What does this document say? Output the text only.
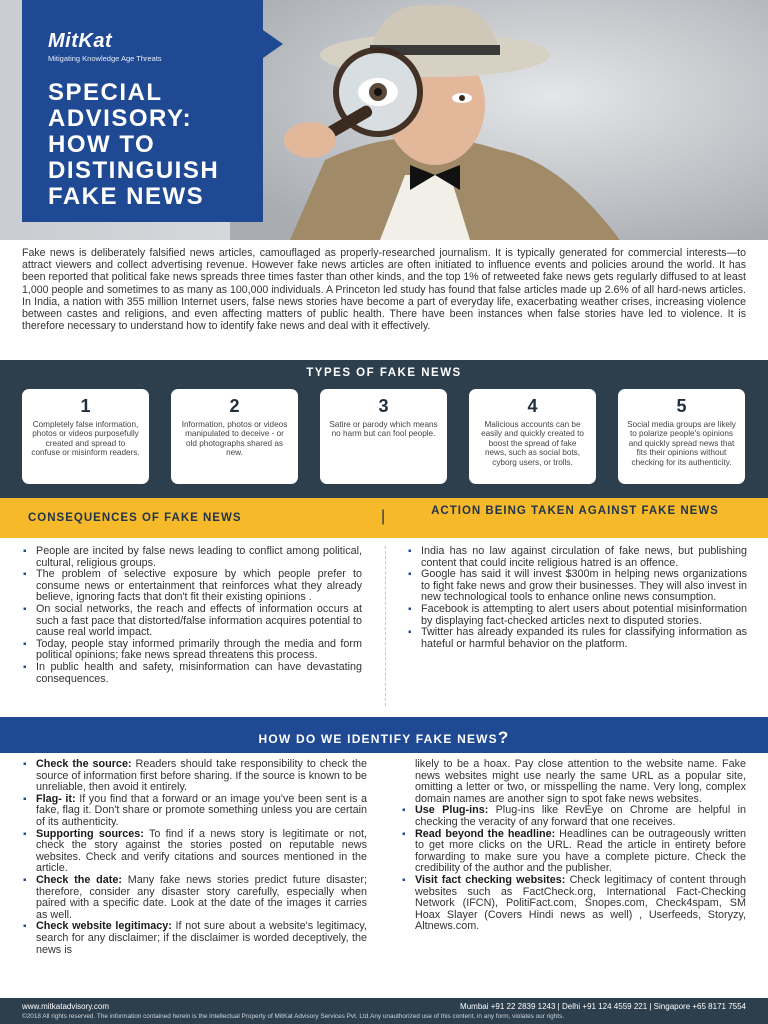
MitKat
Mitigating Knowledge Age Threats
SPECIAL ADVISORY: HOW TO DISTINGUISH FAKE NEWS

Fake news is deliberately falsified news articles, camouflaged as properly-researched journalism. It is typically generated for commercial interests—to attract viewers and collect advertising revenue. However fake news articles are often initiated to influence events and policies around the world. It has been reported that political fake news spreads three times faster than other kinds, and the top 1% of retweeted fake news gets regularly diffused to at least 1,000 people and sometimes to as many as 100,000 individuals. A Princeton led study has found that false articles made up 2.6% of all hard-news articles. In India, a nation with 355 million Internet users, false news stories have become a part of everyday life, exacerbating weather crises, increasing violence between castes and religions, and even affecting matters of public health. There have been instances when false stories have led to violence. It is therefore necessary to understand how to identify fake news and deal with it effectively.

TYPES OF FAKE NEWS
1
Completely false information, photos or videos purposefully created and spread to confuse or misinform readers.
2
Information, photos or videos manipulated to deceive - or old photographs shared as new.
3
Satire or parody which means no harm but can fool people.
4
Malicious accounts can be easily and quickly created to boost the spread of fake news, such as social bots, cyborg users, or trolls.
5
Social media groups are likely to polarize people's opinions and quickly spread news that fits their opinions without checking for its authenticity.
CONSEQUENCES OF FAKE NEWS	|	ACTION BEING TAKEN AGAINST FAKE NEWS
▪ People are incited by false news leading to conflict among political, cultural, religious groups.
▪ The problem of selective exposure by which people prefer to consume news or entertainment that reinforces what they already believe, ignoring facts that don't fit their existing opinions .
▪ On social networks, the reach and effects of information occurs at such a fast pace that distorted/false information acquires potential to cause real world impact.
▪ Today, people stay informed primarily through the media and form political opinions; fake news spread threatens this process.
▪ In public health and safety, misinformation can have devastating consequences.
▪ India has no law against circulation of fake news, but publishing content that could incite religious hatred is an offence.
▪ Google has said it will invest $300m in helping news organizations to fight fake news and grow their businesses. They will also invest in new technological tools to enhance online news consumption.
▪ Facebook is attempting to alert users about potential misinformation by displaying fact-checked articles next to disputed stories.
▪ Twitter has already expanded its rules for classifying information as hateful or harmful behavior on the platform.
HOW DO WE IDENTIFY FAKE NEWS?
▪ Check the source: Readers should take responsibility to check the source of information first before sharing. If the source is known to be unreliable, then avoid it entirely.
▪ Flag- it: If you find that a forward or an image you've been sent is a fake, flag it. Don't share or promote something unless you are certain of its authenticity.
▪ Supporting sources: To find if a news story is legitimate or not, check the story against the stories posted on reputable news websites. Check and verify citations and sources mentioned in the article.
▪ Check the date: Many fake news stories predict future disaster; therefore, consider any disaster story carefully, especially when paired with a specific date. Look at the date of the images it carries as well.
▪ Check website legitimacy: If not sure about a website's legitimacy, search for any disclaimer; if the disclaimer is worded deceptively, the news is
likely to be a hoax. Pay close attention to the website name. Fake news websites might use nearly the same URL as a popular site, omitting a letter or two, or misspelling the name. Very long, complex domain names are another sign to spot fake news websites.
▪ Use Plug-ins: Plug-ins like RevEye on Chrome are helpful in checking the veracity of any forward that one receives.
▪ Read beyond the headline: Headlines can be outrageously written to get more clicks on the URL. Read the article in entirety before forwarding to make sure you have a complete picture. Check the credibility of the author and the publisher.
▪ Visit fact checking websites: Check legitimacy of content through websites such as FactCheck.org, International Fact-Checking Network (IFCN), PolitiFact.com, Snopes.com, Check4spam, SM Hoax Slayer (Covers Hindi news as well) , Userfeeds, Storyzy, Altnews.com.
www.mitkatadvisory.com	Mumbai +91 22 2839 1243 | Delhi +91 124 4559 221 | Singapore +65 8171 7554
©2018 All rights reserved. The information contained herein is the Intellectual Property of MitKat Advisory Services Pvt. Ltd.Any unauthorized use of this content, in any form, violates our rights.
